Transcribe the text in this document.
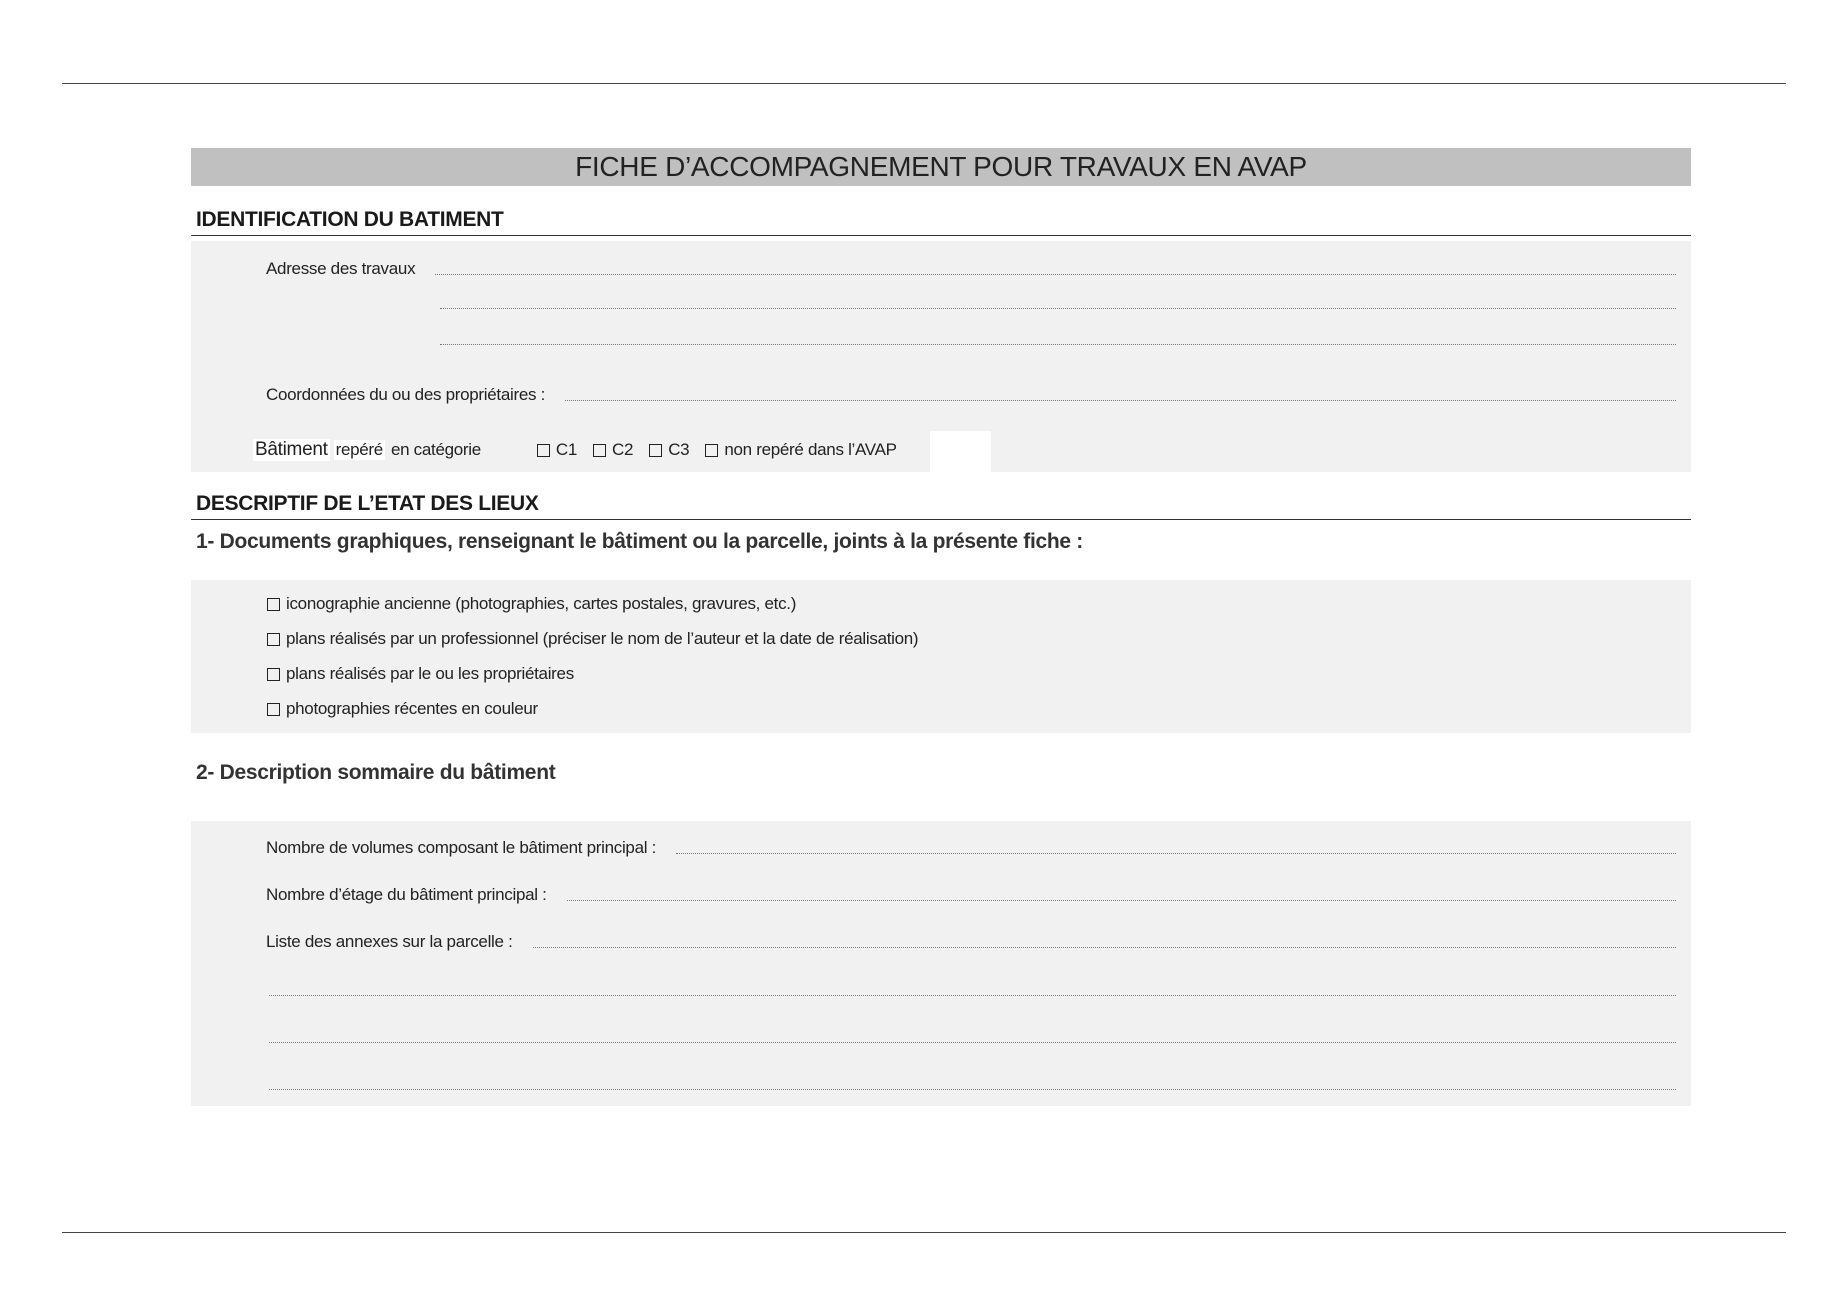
FICHE D’ACCOMPAGNEMENT POUR TRAVAUX EN AVAP
IDENTIFICATION DU BATIMENT
Adresse des travaux
Coordonnées du ou des propriétaires :
Bâtiment repéré en catégorie	C1 C2 C3 non repéré dans l’AVAP
DESCRIPTIF DE L’ETAT DES LIEUX
1- Documents graphiques, renseignant le bâtiment ou la parcelle, joints à la présente fiche :
iconographie ancienne (photographies, cartes postales, gravures, etc.)
plans réalisés par un professionnel (préciser le nom de l’auteur et la date de réalisation)
plans réalisés par le ou les propriétaires
photographies récentes en couleur
2- Description sommaire du bâtiment
Nombre de volumes composant le bâtiment principal :
Nombre d’étage du bâtiment principal :
Liste des annexes sur la parcelle :
